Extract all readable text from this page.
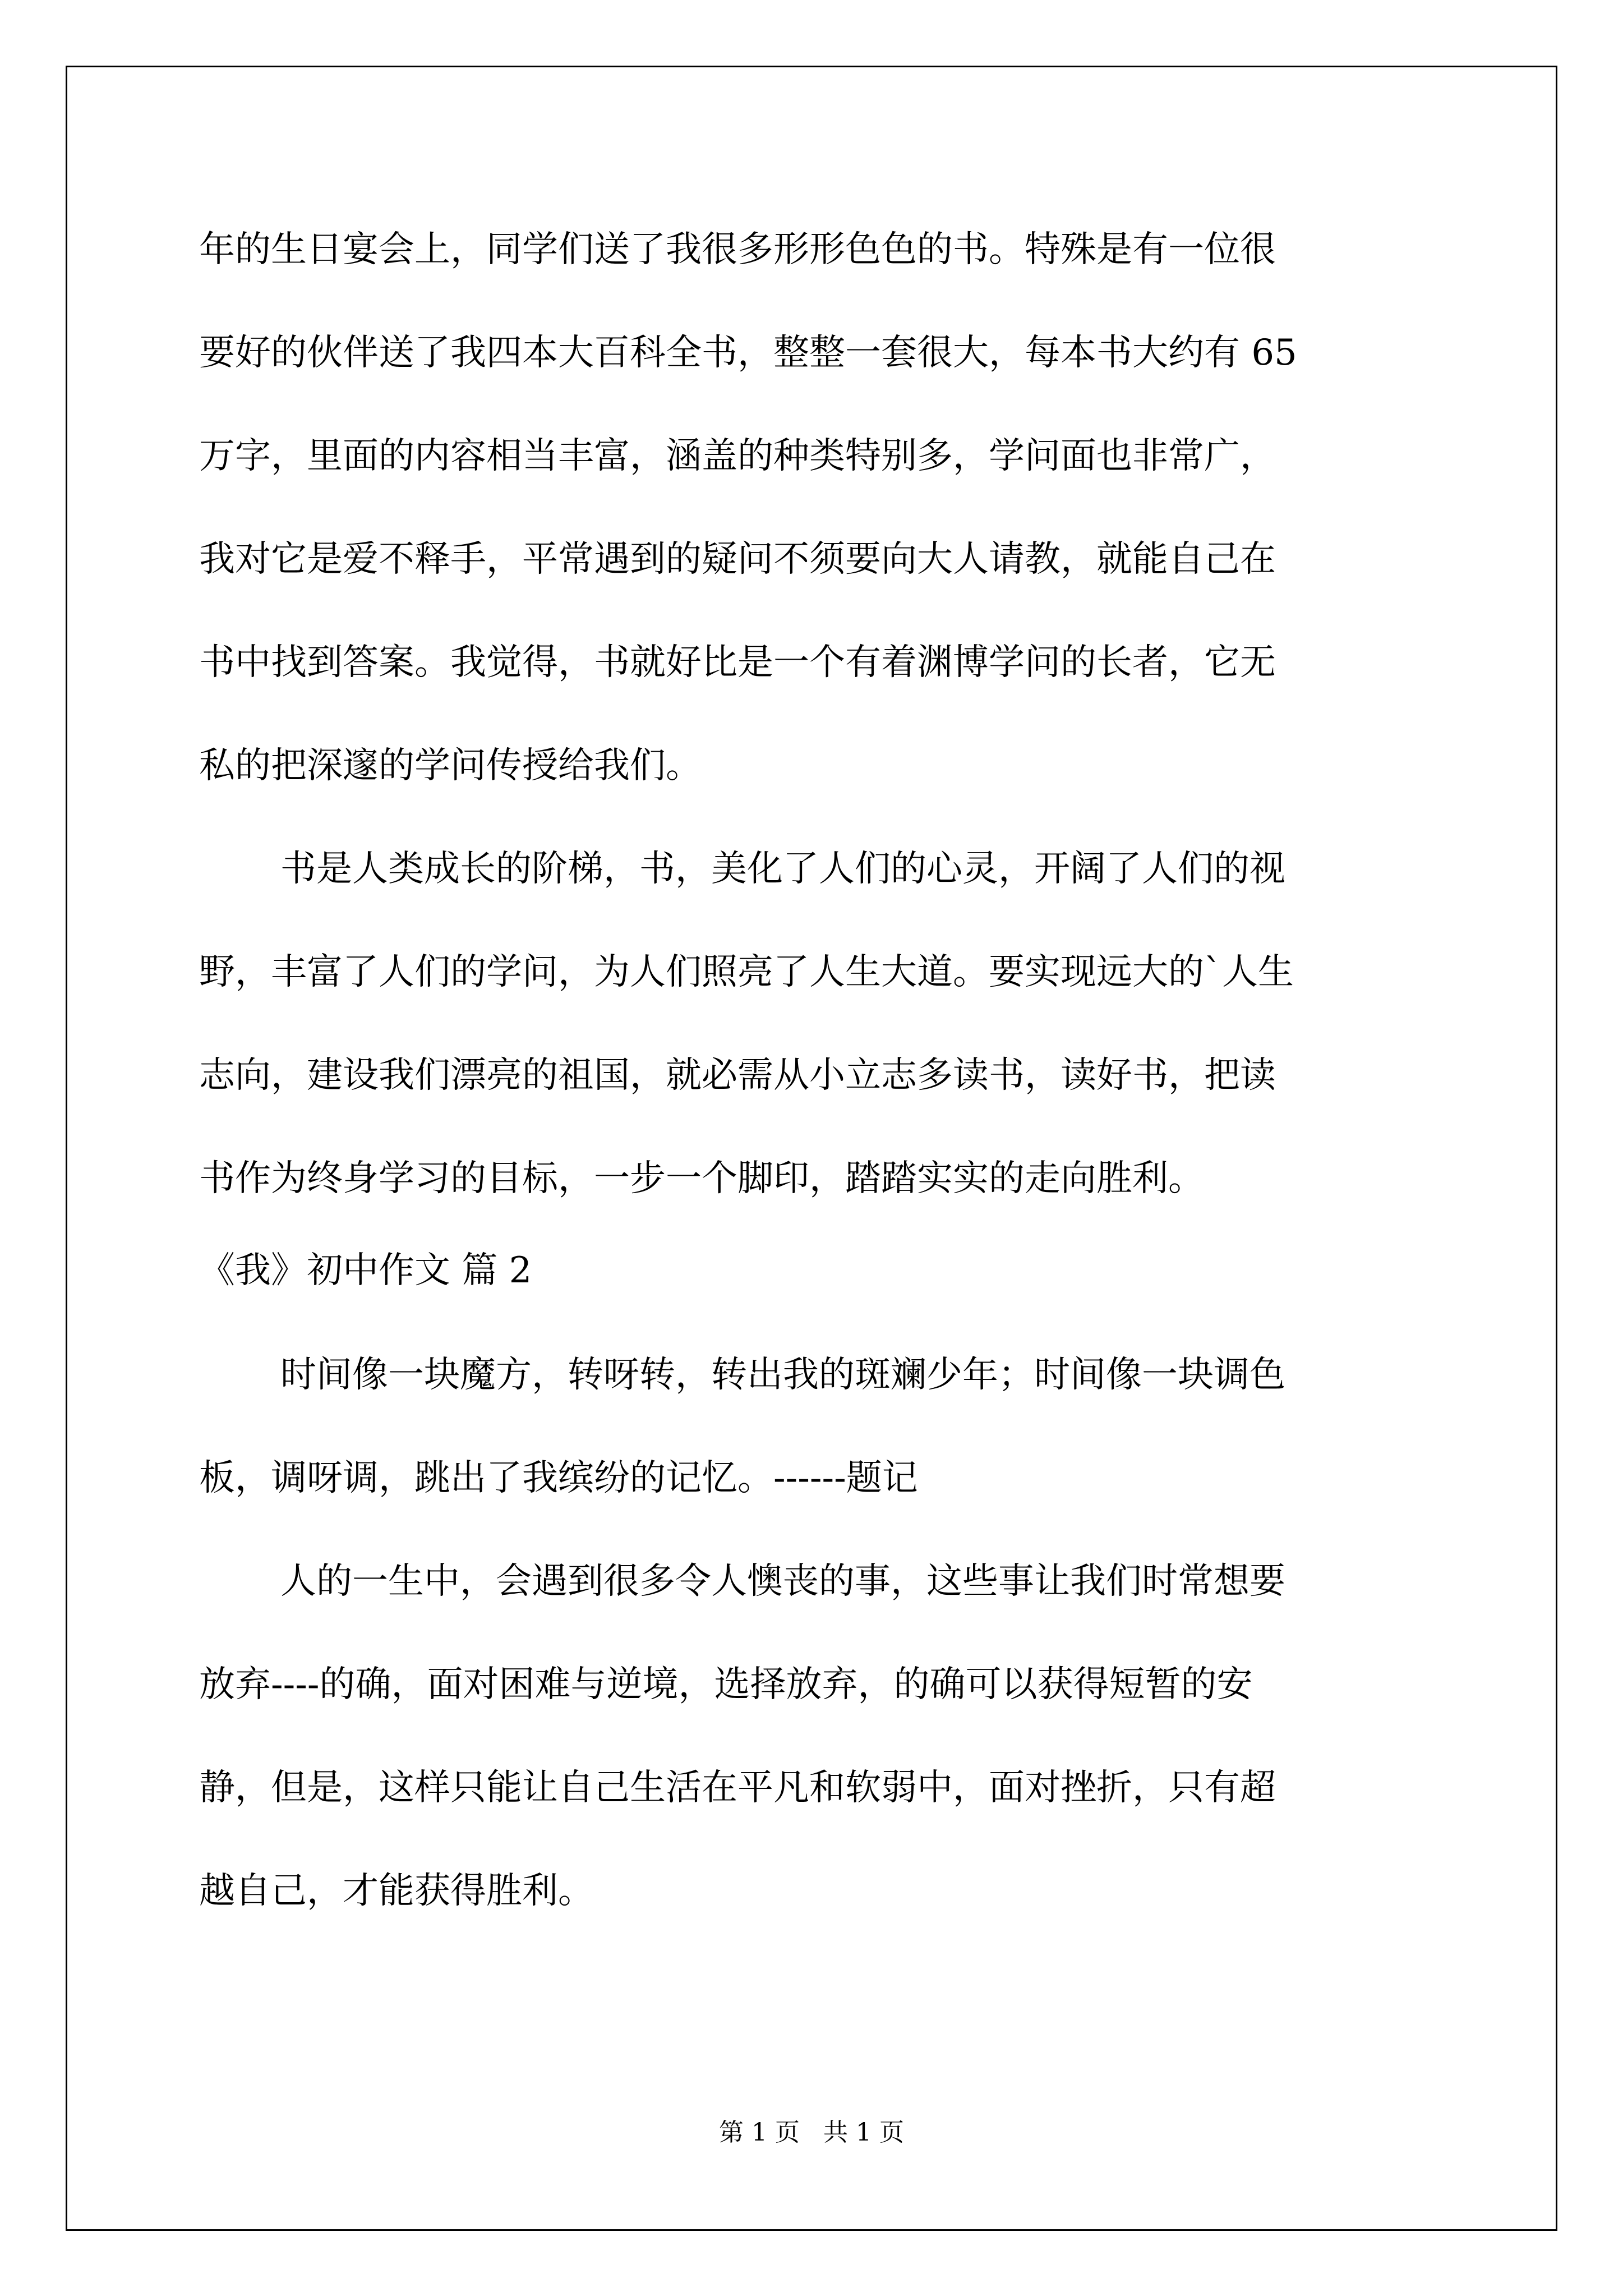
年的生日宴会上，同学们送了我很多形形色色的书。特殊是有一位很

要好的伙伴送了我四本大百科全书，整整一套很大，每本书大约有 65

万字，里面的内容相当丰富，涵盖的种类特别多，学问面也非常广，

我对它是爱不释手，平常遇到的疑问不须要向大人请教，就能自己在

书中找到答案。我觉得，书就好比是一个有着渊博学问的长者，它无

私的把深邃的学问传授给我们。

书是人类成长的阶梯，书，美化了人们的心灵，开阔了人们的视

野，丰富了人们的学问，为人们照亮了人生大道。要实现远大的`人生

志向，建设我们漂亮的祖国，就必需从小立志多读书，读好书，把读

书作为终身学习的目标，一步一个脚印，踏踏实实的走向胜利。

《我》初中作文 篇 2

时间像一块魔方，转呀转，转出我的斑斓少年；时间像一块调色

板，调呀调，跳出了我缤纷的记忆。------题记

人的一生中，会遇到很多令人懊丧的事，这些事让我们时常想要

放弃----的确，面对困难与逆境，选择放弃，的确可以获得短暂的安

静，但是，这样只能让自己生活在平凡和软弱中，面对挫折，只有超

越自己，才能获得胜利。

第 1 页   共 1 页
